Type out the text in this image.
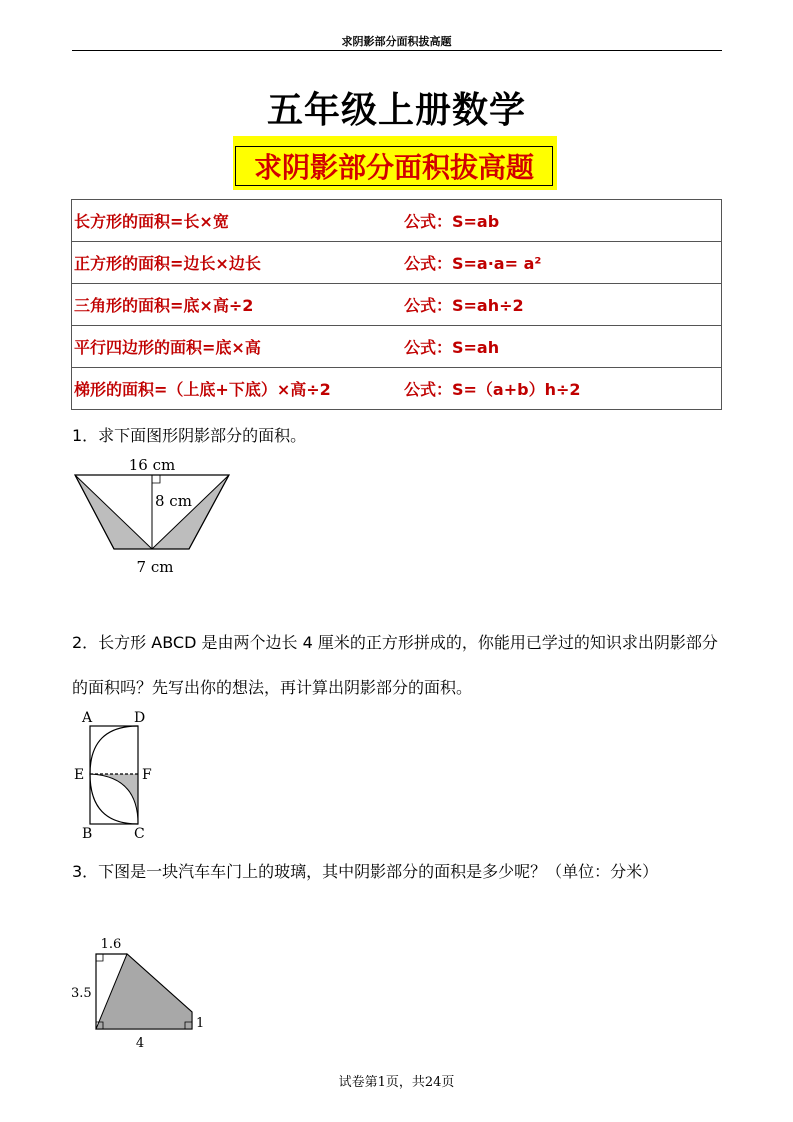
求阴影部分面积拔高题
五年级上册数学
求阴影部分面积拔高题
长方形的面积=长×宽	公式：S=ab
正方形的面积=边长×边长	公式：S=a·a= a²
三角形的面积=底×高÷2	公式：S=ah÷2
平行四边形的面积=底×高	公式：S=ah
梯形的面积=（上底+下底）×高÷2	公式：S=（a+b）h÷2
1．求下面图形阴影部分的面积。
16 cm
8 cm
7 cm
2．长方形 ABCD 是由两个边长 4 厘米的正方形拼成的，你能用已学过的知识求出阴影部分的面积吗？先写出你的想法，再计算出阴影部分的面积。
A	D
E	F
B	C
3．下图是一块汽车车门上的玻璃，其中阴影部分的面积是多少呢？（单位：分米）
1.6
3.5
1
4
试卷第1页，共24页
